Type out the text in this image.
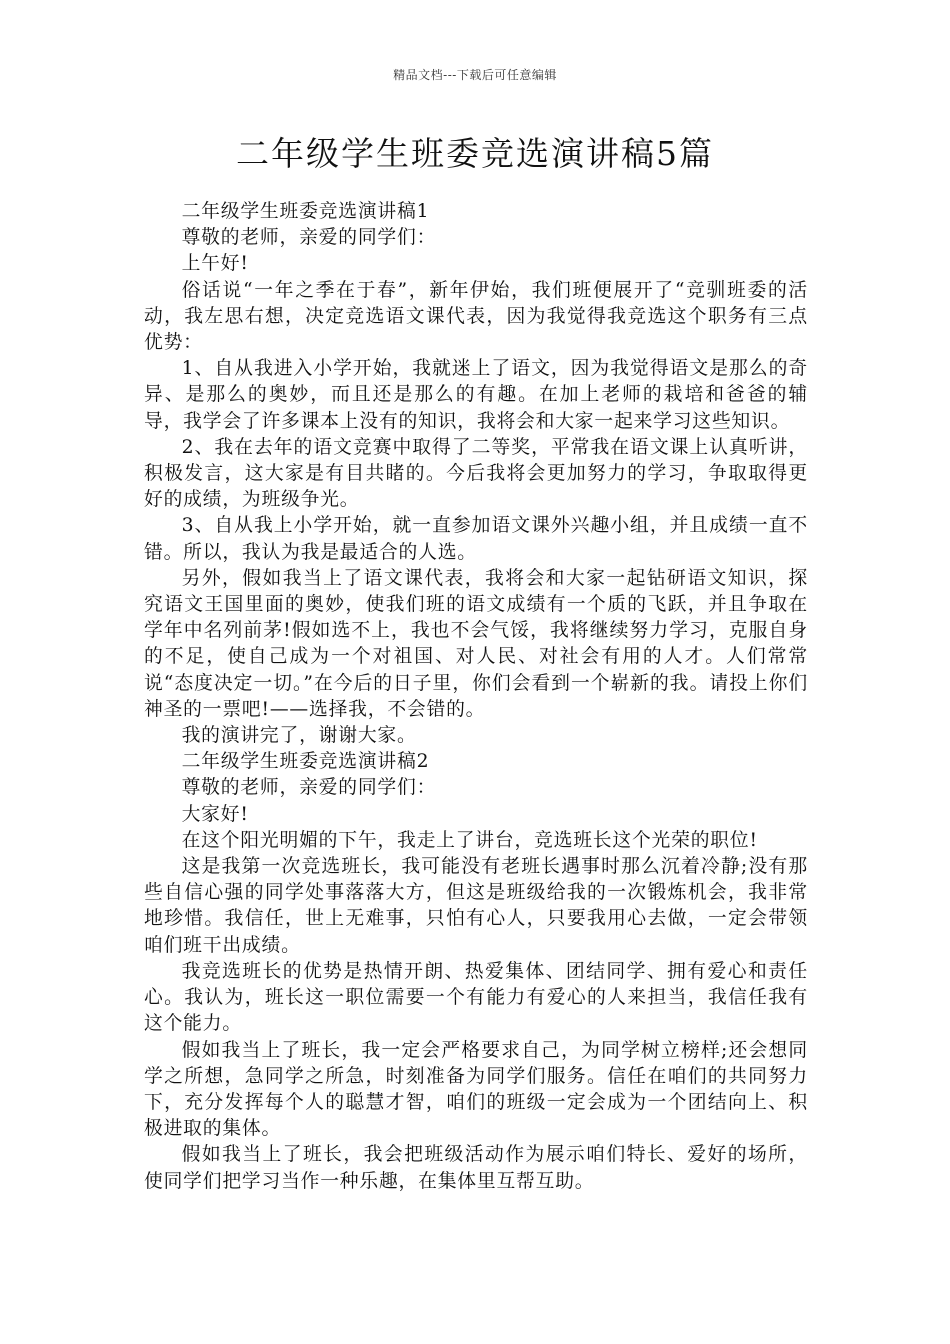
精品文档---下载后可任意编辑
二年级学生班委竞选演讲稿5篇

二年级学生班委竞选演讲稿1

尊敬的老师，亲爱的同学们：

上午好!

俗话说“一年之季在于春”，新年伊始，我们班便展开了“竞驯班委的活动，我左思右想，决定竞选语文课代表，因为我觉得我竞选这个职务有三点优势：

1、自从我进入小学开始，我就迷上了语文，因为我觉得语文是那么的奇异、是那么的奥妙，而且还是那么的有趣。在加上老师的栽培和爸爸的辅导，我学会了许多课本上没有的知识，我将会和大家一起来学习这些知识。

2、我在去年的语文竞赛中取得了二等奖，平常我在语文课上认真听讲，积极发言，这大家是有目共睹的。今后我将会更加努力的学习，争取取得更好的成绩，为班级争光。

3、自从我上小学开始，就一直参加语文课外兴趣小组，并且成绩一直不错。所以，我认为我是最适合的人选。

另外，假如我当上了语文课代表，我将会和大家一起钻研语文知识，探究语文王国里面的奥妙，使我们班的语文成绩有一个质的飞跃，并且争取在学年中名列前茅!假如选不上，我也不会气馁，我将继续努力学习，克服自身的不足，使自己成为一个对祖国、对人民、对社会有用的人才。人们常常说“态度决定一切。”在今后的日子里，你们会看到一个崭新的我。请投上你们神圣的一票吧!——选择我，不会错的。

我的演讲完了，谢谢大家。

二年级学生班委竞选演讲稿2

尊敬的老师，亲爱的同学们：

大家好!

在这个阳光明媚的下午，我走上了讲台，竞选班长这个光荣的职位!

这是我第一次竞选班长，我可能没有老班长遇事时那么沉着冷静;没有那些自信心强的同学处事落落大方，但这是班级给我的一次锻炼机会，我非常地珍惜。我信任，世上无难事，只怕有心人，只要我用心去做，一定会带领咱们班干出成绩。

我竞选班长的优势是热情开朗、热爱集体、团结同学、拥有爱心和责任心。我认为，班长这一职位需要一个有能力有爱心的人来担当，我信任我有这个能力。

假如我当上了班长，我一定会严格要求自己，为同学树立榜样;还会想同学之所想，急同学之所急，时刻准备为同学们服务。信任在咱们的共同努力下，充分发挥每个人的聪慧才智，咱们的班级一定会成为一个团结向上、积极进取的集体。

假如我当上了班长，我会把班级活动作为展示咱们特长、爱好的场所，使同学们把学习当作一种乐趣，在集体里互帮互助。
